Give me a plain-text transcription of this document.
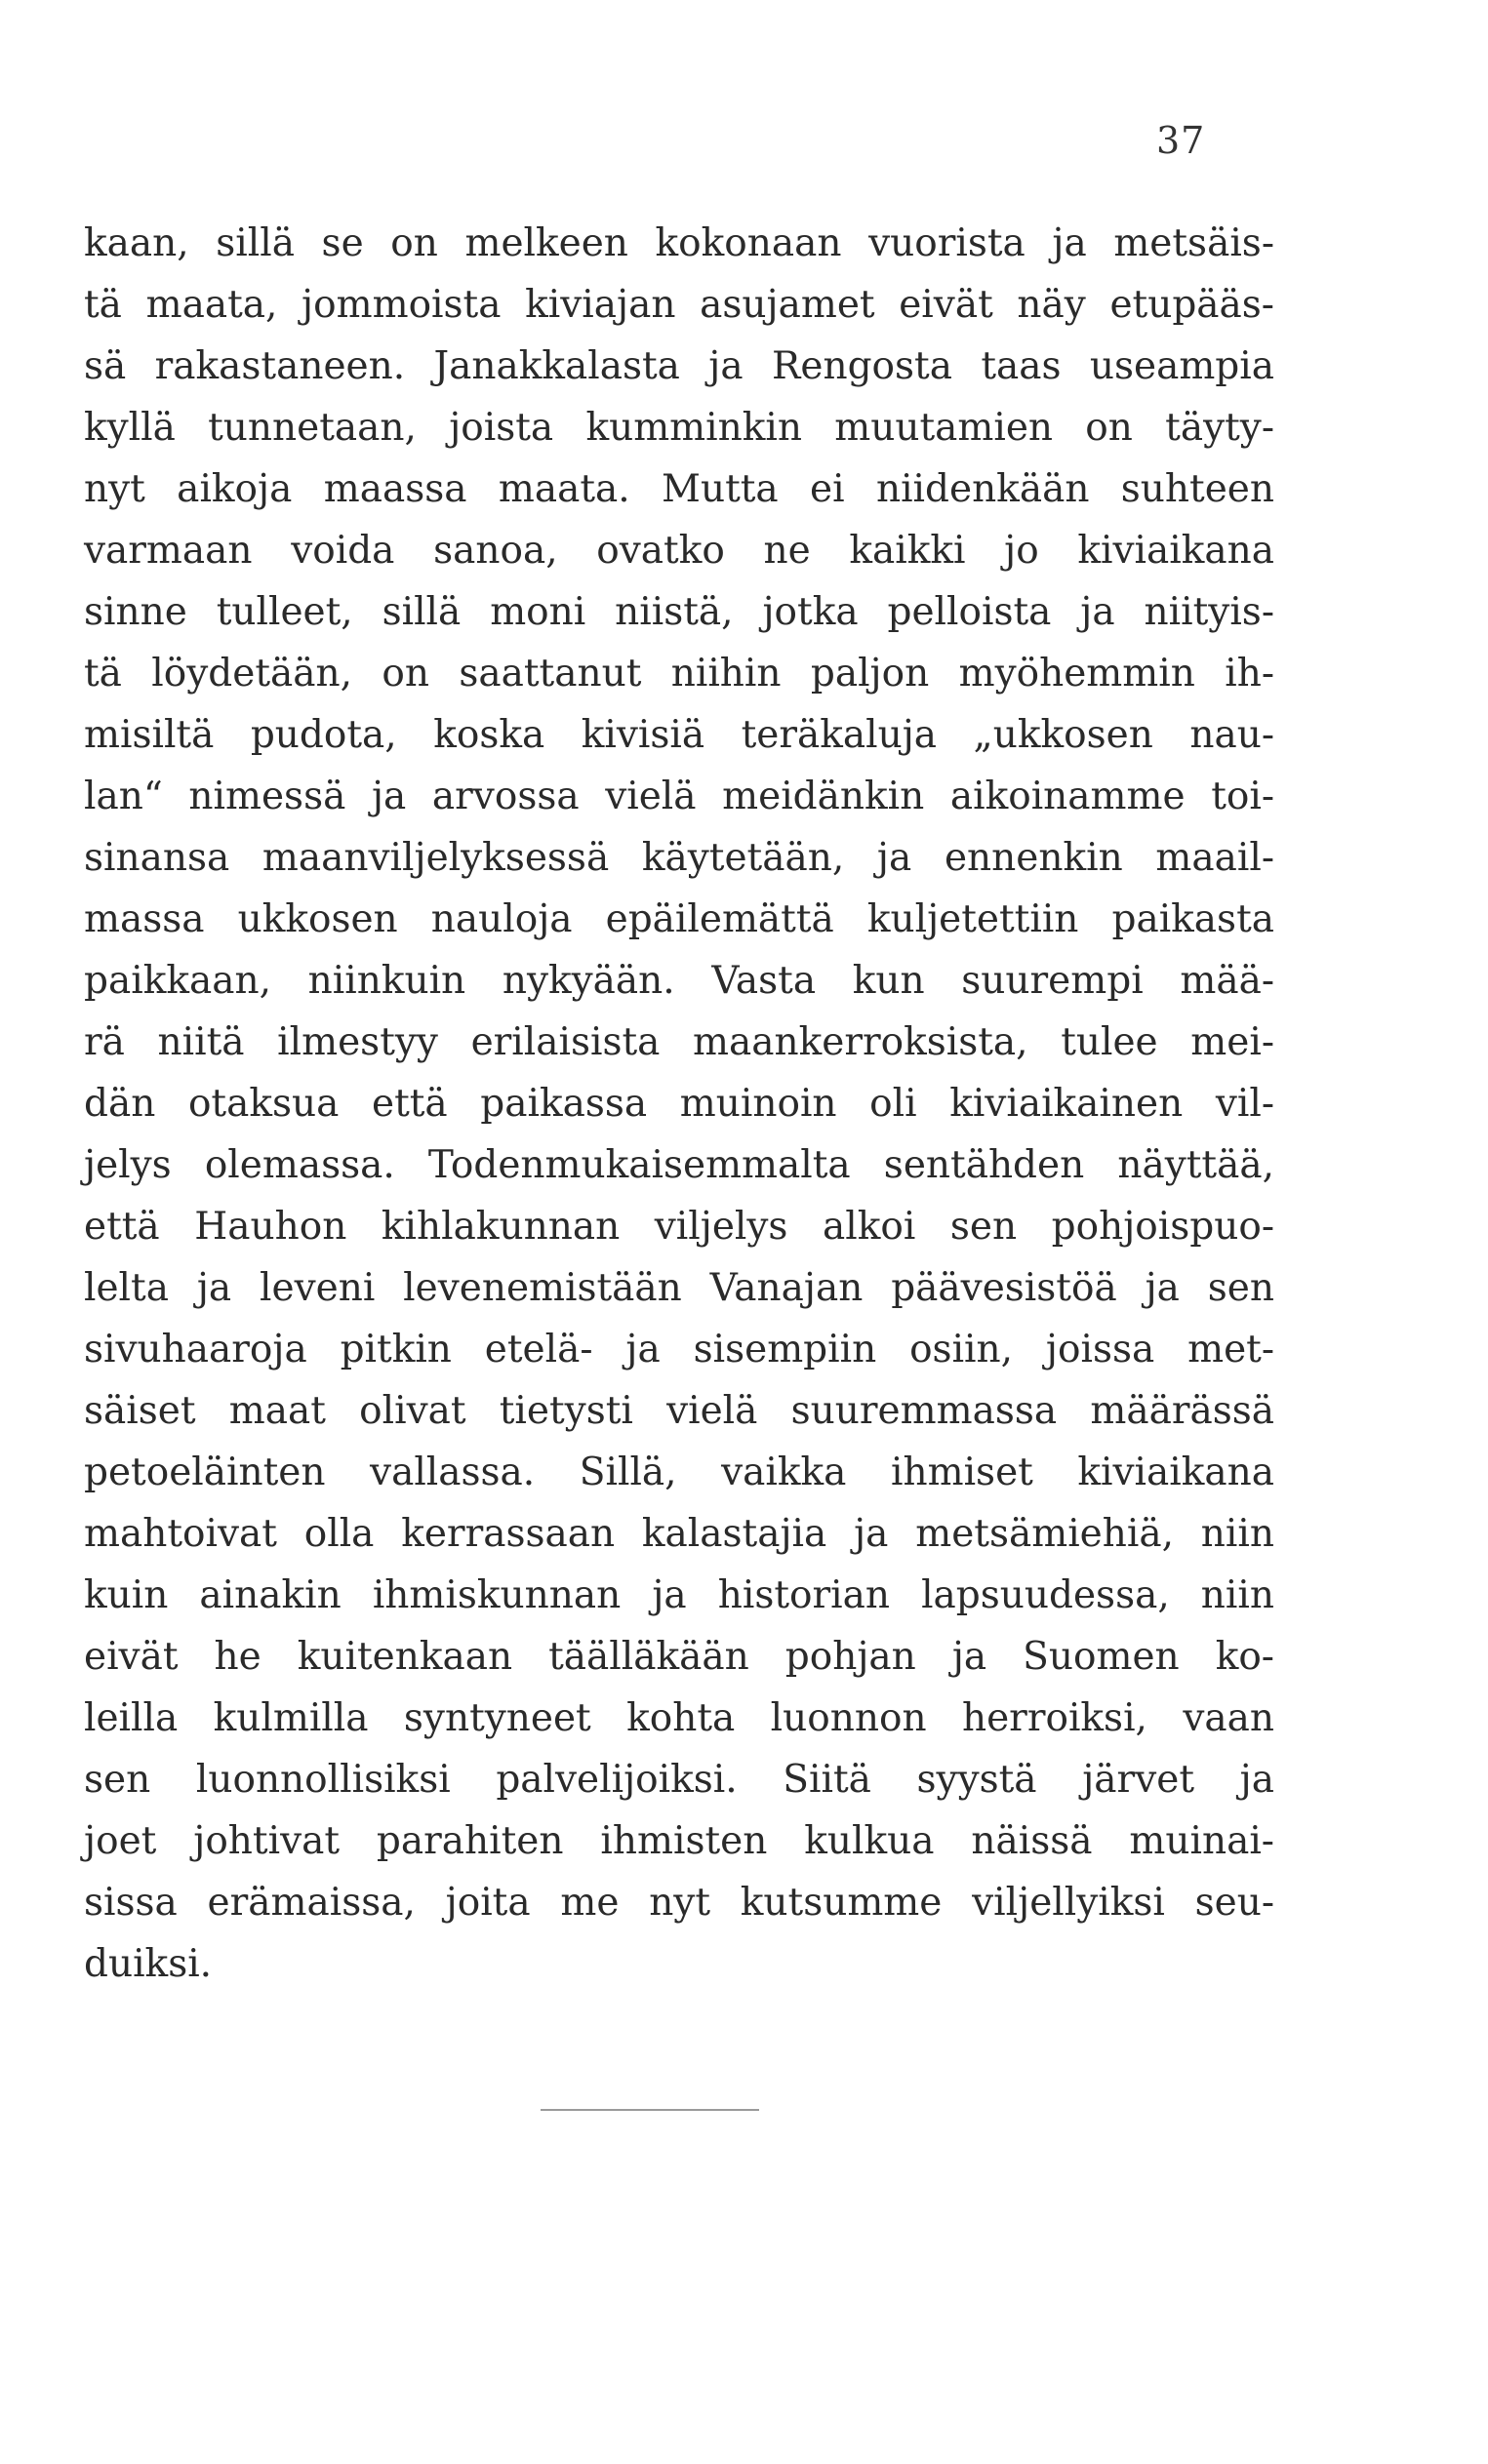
37
kaan, sillä se on melkeen kokonaan vuorista ja metsäis-
tä maata, jommoista kiviajan asujamet eivät näy etupääs-
sä rakastaneen. Janakkalasta ja Rengosta taas useampia
kyllä tunnetaan, joista kumminkin muutamien on täyty-
nyt aikoja maassa maata. Mutta ei niidenkään suhteen
varmaan voida sanoa, ovatko ne kaikki jo kiviaikana
sinne tulleet, sillä moni niistä, jotka pelloista ja niityis-
tä löydetään, on saattanut niihin paljon myöhemmin ih-
misiltä pudota, koska kivisiä teräkaluja „ukkosen nau-
lan“ nimessä ja arvossa vielä meidänkin aikoinamme toi-
sinansa maanviljelyksessä käytetään, ja ennenkin maail-
massa ukkosen nauloja epäilemättä kuljetettiin paikasta
paikkaan, niinkuin nykyään. Vasta kun suurempi mää-
rä niitä ilmestyy erilaisista maankerroksista, tulee mei-
dän otaksua että paikassa muinoin oli kiviaikainen vil-
jelys olemassa. Todenmukaisemmalta sentähden näyttää,
että Hauhon kihlakunnan viljelys alkoi sen pohjoispuo-
lelta ja leveni levenemistään Vanajan päävesistöä ja sen
sivuhaaroja pitkin etelä- ja sisempiin osiin, joissa met-
säiset maat olivat tietysti vielä suuremmassa määrässä
petoeläinten vallassa. Sillä, vaikka ihmiset kiviaikana
mahtoivat olla kerrassaan kalastajia ja metsämiehiä, niin
kuin ainakin ihmiskunnan ja historian lapsuudessa, niin
eivät he kuitenkaan täälläkään pohjan ja Suomen ko-
leilla kulmilla syntyneet kohta luonnon herroiksi, vaan
sen luonnollisiksi palvelijoiksi. Siitä syystä järvet ja
joet johtivat parahiten ihmisten kulkua näissä muinai-
sissa erämaissa, joita me nyt kutsumme viljellyiksi seu-
duiksi.
